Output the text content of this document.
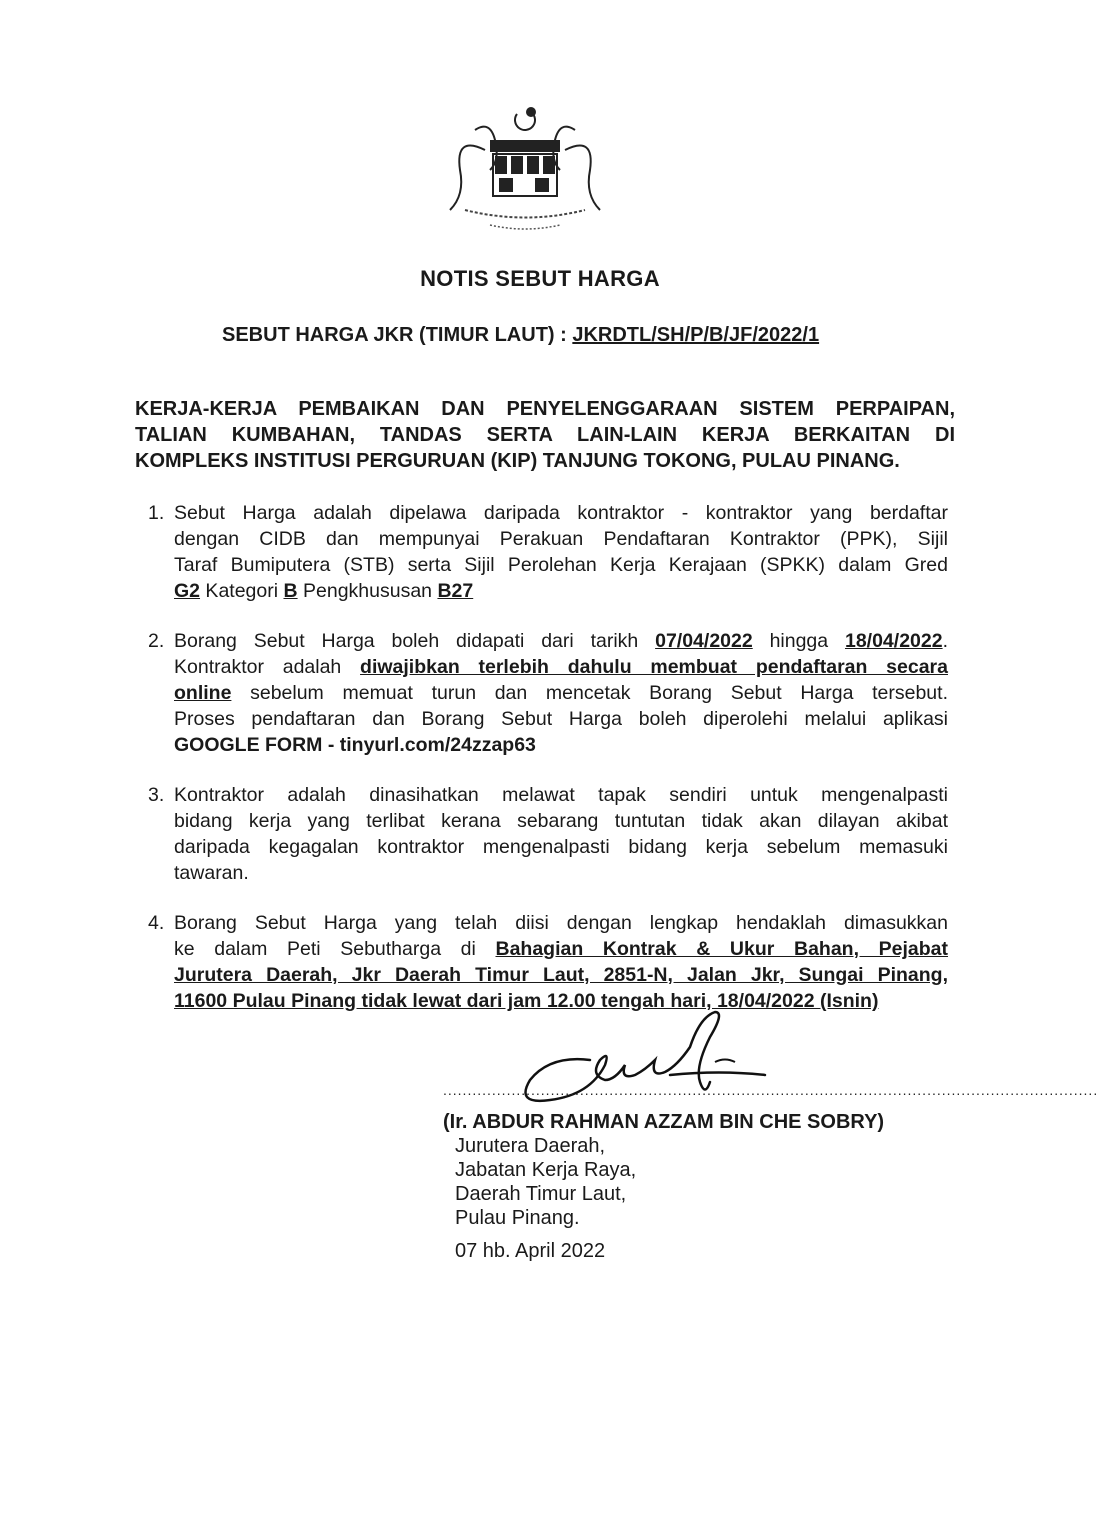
NOTIS SEBUT HARGA
SEBUT HARGA JKR (TIMUR LAUT) : JKRDTL/SH/P/B/JF/2022/1
KERJA-KERJA PEMBAIKAN DAN PENYELENGGARAAN SISTEM PERPAIPAN,
TALIAN KUMBAHAN, TANDAS SERTA LAIN-LAIN KERJA BERKAITAN DI
KOMPLEKS INSTITUSI PERGURUAN (KIP) TANJUNG TOKONG, PULAU PINANG.
1. Sebut Harga adalah dipelawa daripada kontraktor - kontraktor yang berdaftar
dengan CIDB dan mempunyai Perakuan Pendaftaran Kontraktor (PPK), Sijil
Taraf Bumiputera (STB) serta Sijil Perolehan Kerja Kerajaan (SPKK) dalam Gred
G2 Kategori B Pengkhususan B27
2. Borang Sebut Harga boleh didapati dari tarikh 07/04/2022 hingga 18/04/2022.
Kontraktor adalah diwajibkan terlebih dahulu membuat pendaftaran secara
online sebelum memuat turun dan mencetak Borang Sebut Harga tersebut.
Proses pendaftaran dan Borang Sebut Harga boleh diperolehi melalui aplikasi
GOOGLE FORM - tinyurl.com/24zzap63
3. Kontraktor adalah dinasihatkan melawat tapak sendiri untuk mengenalpasti
bidang kerja yang terlibat kerana sebarang tuntutan tidak akan dilayan akibat
daripada kegagalan kontraktor mengenalpasti bidang kerja sebelum memasuki
tawaran.
4. Borang Sebut Harga yang telah diisi dengan lengkap hendaklah dimasukkan
ke dalam Peti Sebutharga di Bahagian Kontrak & Ukur Bahan, Pejabat
Jurutera Daerah, Jkr Daerah Timur Laut, 2851-N, Jalan Jkr, Sungai Pinang,
11600 Pulau Pinang tidak lewat dari jam 12.00 tengah hari, 18/04/2022 (Isnin)
......................................................................................................................................
(Ir. ABDUR RAHMAN AZZAM BIN CHE SOBRY)
Jurutera Daerah,
Jabatan Kerja Raya,
Daerah Timur Laut,
Pulau Pinang.
07 hb. April 2022
